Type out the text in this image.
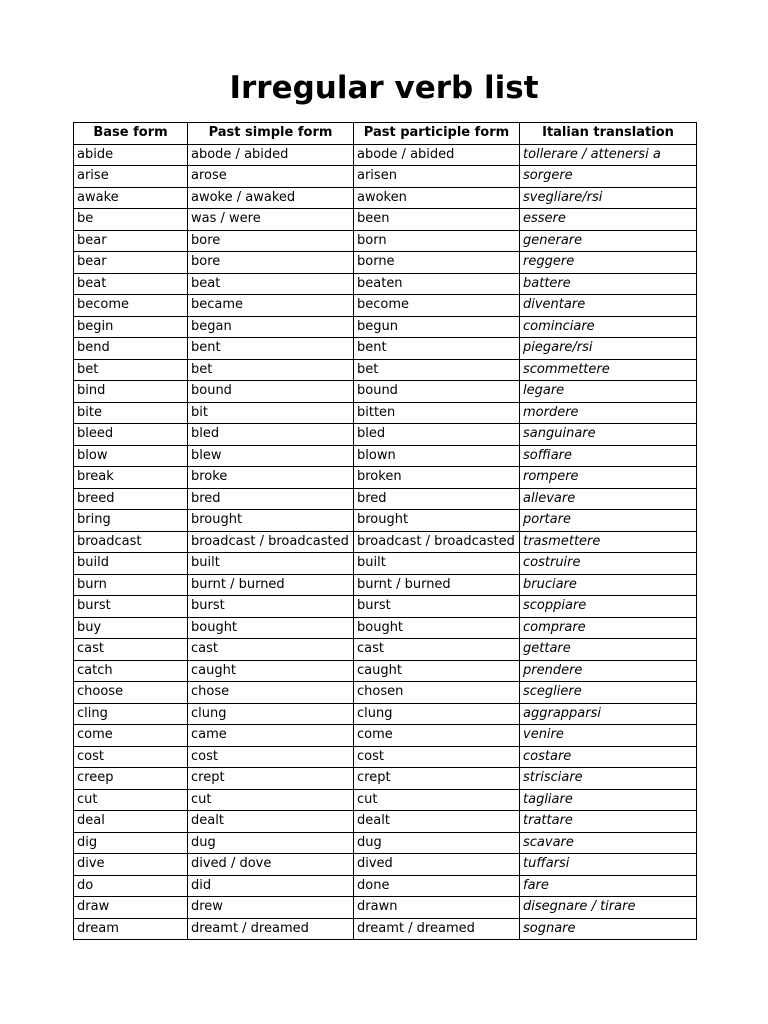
Irregular verb list
Base form	Past simple form	Past participle form	Italian translation
abide	abode / abided	abode / abided	tollerare / attenersi a
arise	arose	arisen	sorgere
awake	awoke / awaked	awoken	svegliare/rsi
be	was / were	been	essere
bear	bore	born	generare
bear	bore	borne	reggere
beat	beat	beaten	battere
become	became	become	diventare
begin	began	begun	cominciare
bend	bent	bent	piegare/rsi
bet	bet	bet	scommettere
bind	bound	bound	legare
bite	bit	bitten	mordere
bleed	bled	bled	sanguinare
blow	blew	blown	soffiare
break	broke	broken	rompere
breed	bred	bred	allevare
bring	brought	brought	portare
broadcast	broadcast / broadcasted	broadcast / broadcasted	trasmettere
build	built	built	costruire
burn	burnt / burned	burnt / burned	bruciare
burst	burst	burst	scoppiare
buy	bought	bought	comprare
cast	cast	cast	gettare
catch	caught	caught	prendere
choose	chose	chosen	scegliere
cling	clung	clung	aggrapparsi
come	came	come	venire
cost	cost	cost	costare
creep	crept	crept	strisciare
cut	cut	cut	tagliare
deal	dealt	dealt	trattare
dig	dug	dug	scavare
dive	dived / dove	dived	tuffarsi
do	did	done	fare
draw	drew	drawn	disegnare / tirare
dream	dreamt / dreamed	dreamt / dreamed	sognare
